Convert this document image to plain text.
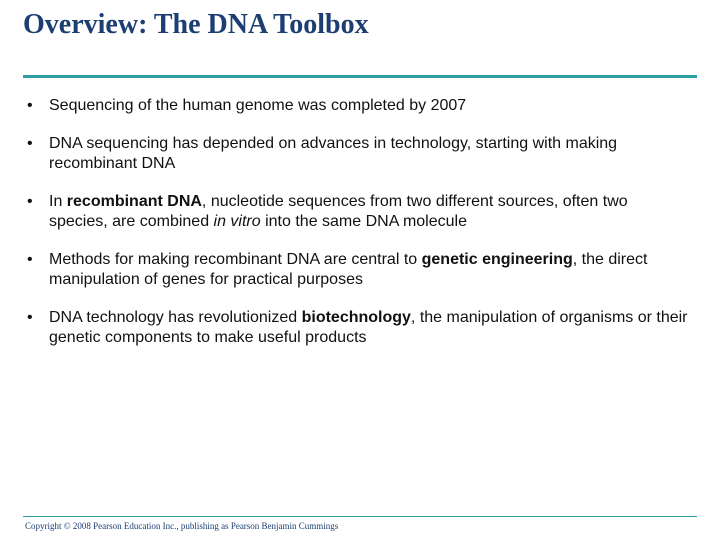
Overview: The DNA Toolbox
• Sequencing of the human genome was completed by 2007
• DNA sequencing has depended on advances in technology, starting with making recombinant DNA
• In recombinant DNA, nucleotide sequences from two different sources, often two species, are combined in vitro into the same DNA molecule
• Methods for making recombinant DNA are central to genetic engineering, the direct manipulation of genes for practical purposes
• DNA technology has revolutionized biotechnology, the manipulation of organisms or their genetic components to make useful products
Copyright © 2008 Pearson Education Inc., publishing as Pearson Benjamin Cummings
